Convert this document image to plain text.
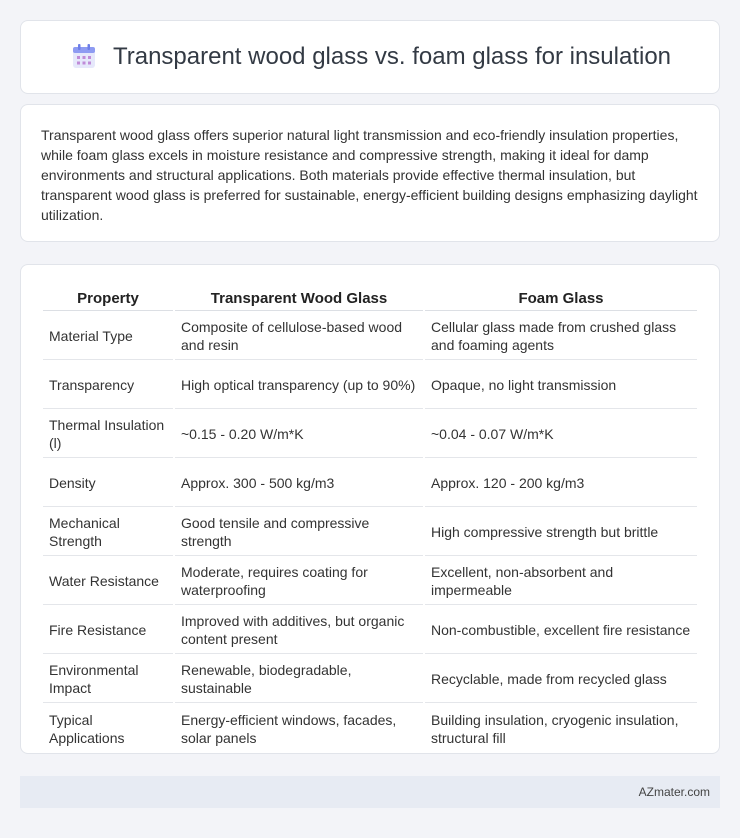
Transparent wood glass vs. foam glass for insulation

Transparent wood glass offers superior natural light transmission and eco-friendly insulation properties, while foam glass excels in moisture resistance and compressive strength, making it ideal for damp environments and structural applications. Both materials provide effective thermal insulation, but transparent wood glass is preferred for sustainable, energy-efficient building designs emphasizing daylight utilization.

Property	Transparent Wood Glass	Foam Glass
Material Type	Composite of cellulose-based wood and resin	Cellular glass made from crushed glass and foaming agents
Transparency	High optical transparency (up to 90%)	Opaque, no light transmission
Thermal Insulation (l)	~0.15 - 0.20 W/m*K	~0.04 - 0.07 W/m*K
Density	Approx. 300 - 500 kg/m3	Approx. 120 - 200 kg/m3
Mechanical Strength	Good tensile and compressive strength	High compressive strength but brittle
Water Resistance	Moderate, requires coating for waterproofing	Excellent, non-absorbent and impermeable
Fire Resistance	Improved with additives, but organic content present	Non-combustible, excellent fire resistance
Environmental Impact	Renewable, biodegradable, sustainable	Recyclable, made from recycled glass
Typical Applications	Energy-efficient windows, facades, solar panels	Building insulation, cryogenic insulation, structural fill
AZmater.com
